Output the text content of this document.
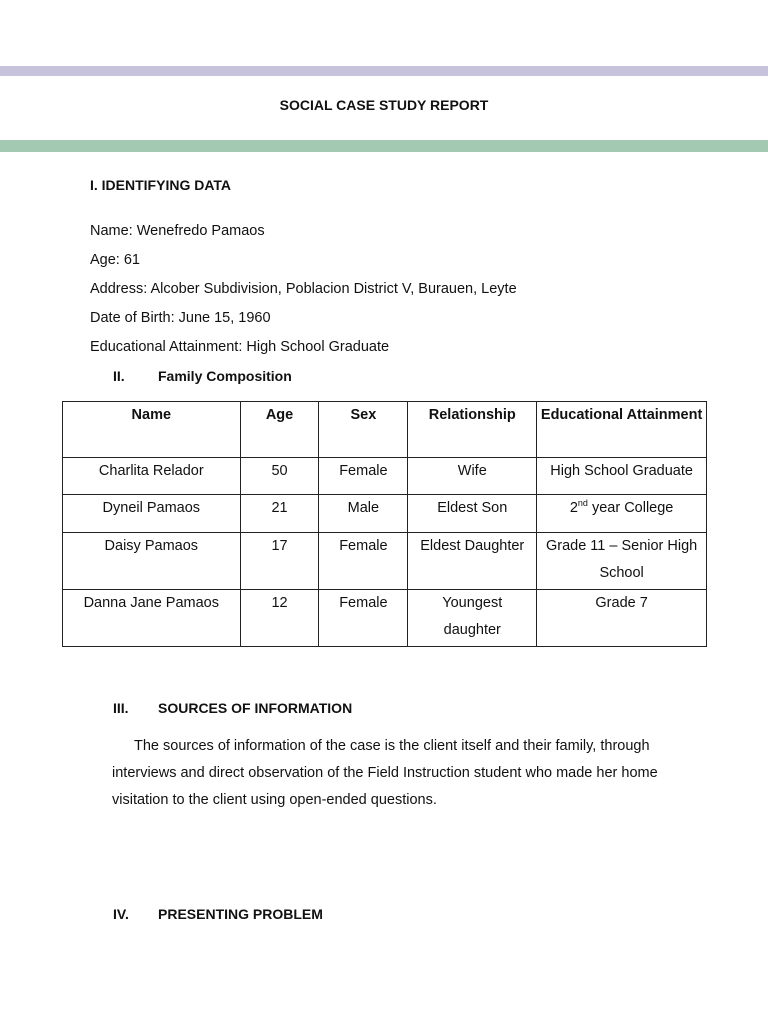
SOCIAL CASE STUDY REPORT
I. IDENTIFYING DATA
Name: Wenefredo Pamaos
Age: 61
Address: Alcober Subdivision, Poblacion District V, Burauen, Leyte
Date of Birth: June 15, 1960
Educational Attainment: High School Graduate
II. Family Composition
Name	Age	Sex	Relationship	Educational Attainment
Charlita Relador	50	Female	Wife	High School Graduate
Dyneil Pamaos	21	Male	Eldest Son	2nd year College
Daisy Pamaos	17	Female	Eldest Daughter	Grade 11 – Senior High School
Danna Jane Pamaos	12	Female	Youngest daughter	Grade 7
III. SOURCES OF INFORMATION
The sources of information of the case is the client itself and their family, through interviews and direct observation of the Field Instruction student who made her home visitation to the client using open-ended questions.
IV. PRESENTING PROBLEM
